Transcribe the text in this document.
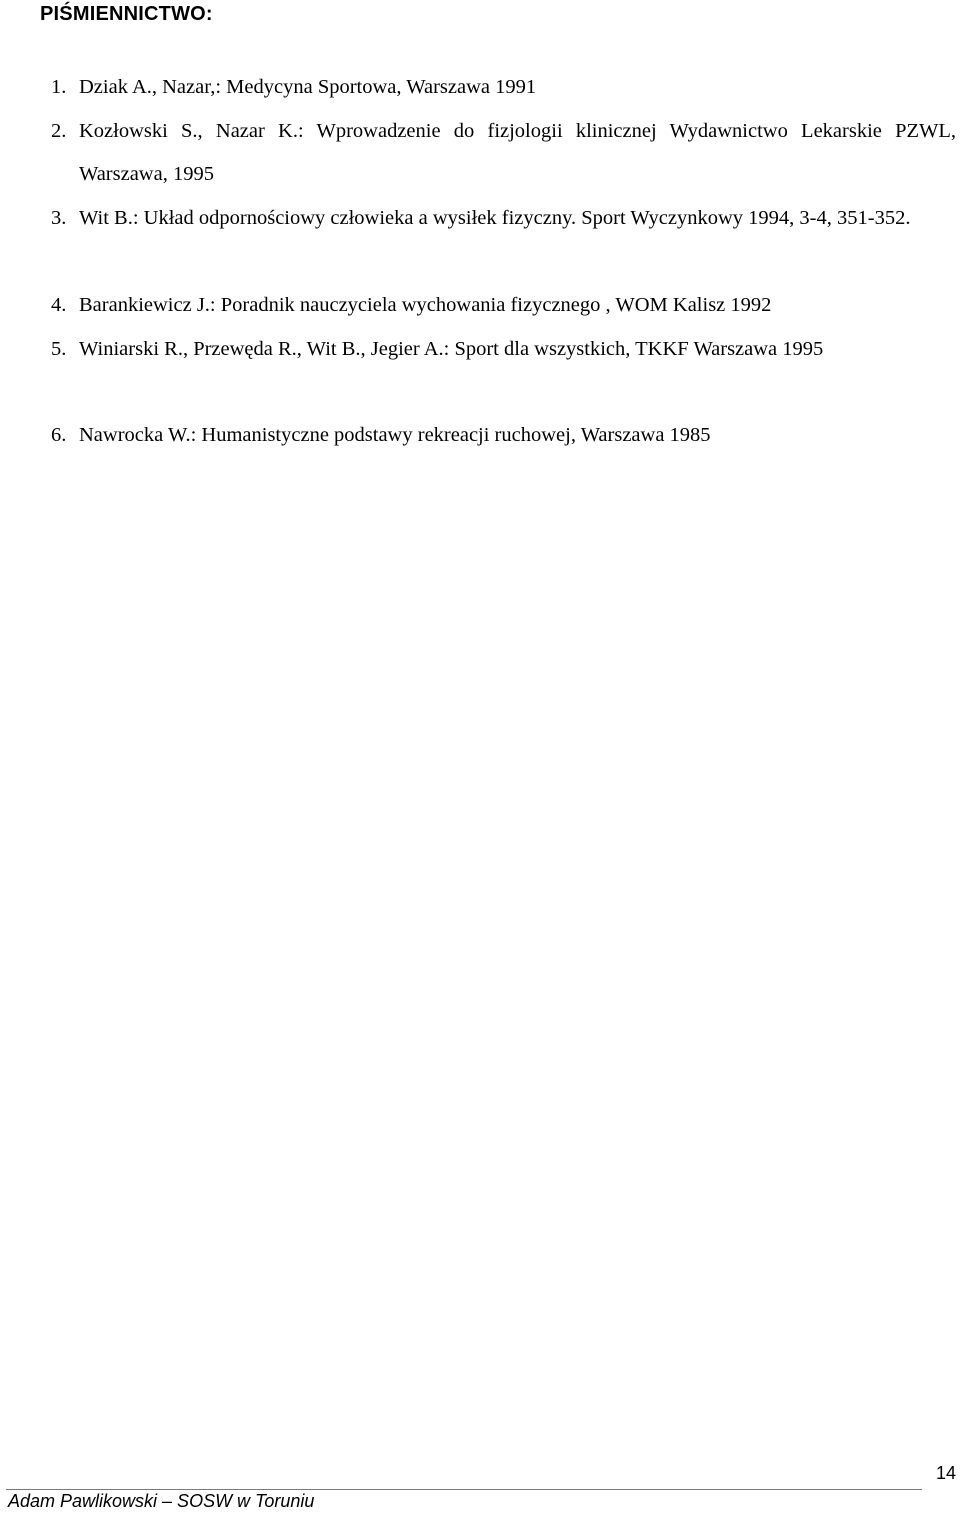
PIŚMIENNICTWO:
1. Dziak A., Nazar,: Medycyna Sportowa, Warszawa 1991
2. Kozłowski S., Nazar K.: Wprowadzenie do fizjologii klinicznej Wydawnictwo Lekarskie PZWL, Warszawa, 1995
3. Wit B.: Układ odpornościowy człowieka a wysiłek fizyczny. Sport Wyczynkowy 1994, 3-4, 351-352.
4. Barankiewicz J.: Poradnik nauczyciela wychowania fizycznego , WOM Kalisz 1992
5. Winiarski R., Przewęda R., Wit B., Jegier A.: Sport dla wszystkich, TKKF Warszawa 1995
6. Nawrocka W.: Humanistyczne podstawy rekreacji ruchowej, Warszawa 1985
14
Adam Pawlikowski – SOSW w Toruniu
